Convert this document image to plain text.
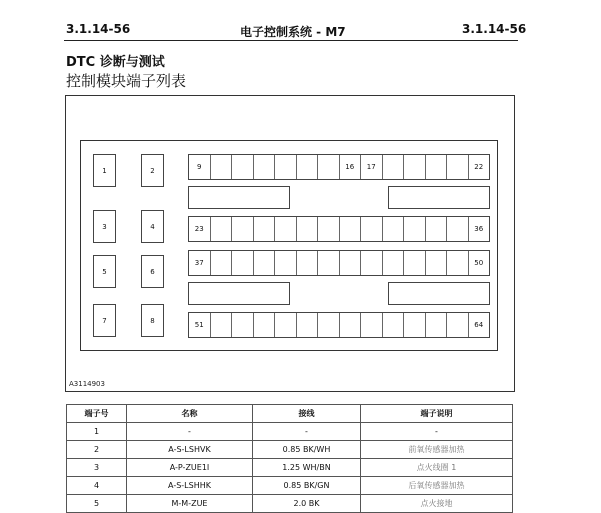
3.1.14-56	电子控制系统 - M7	3.1.14-56
DTC 诊断与测试
控制模块端子列表
1	2
3	4
5	6
7	8
9	16	17	22
23	36
37	50
51	64
A3114903
端子号	名称	接线	端子说明
1	-	-	-
2	A-S-LSHVK	0.85 BK/WH	前氧传感器加热
3	A-P-ZUE1I	1.25 WH/BN	点火线圈 1
4	A-S-LSHHK	0.85 BK/GN	后氧传感器加热
5	M-M-ZUE	2.0 BK	点火接地
